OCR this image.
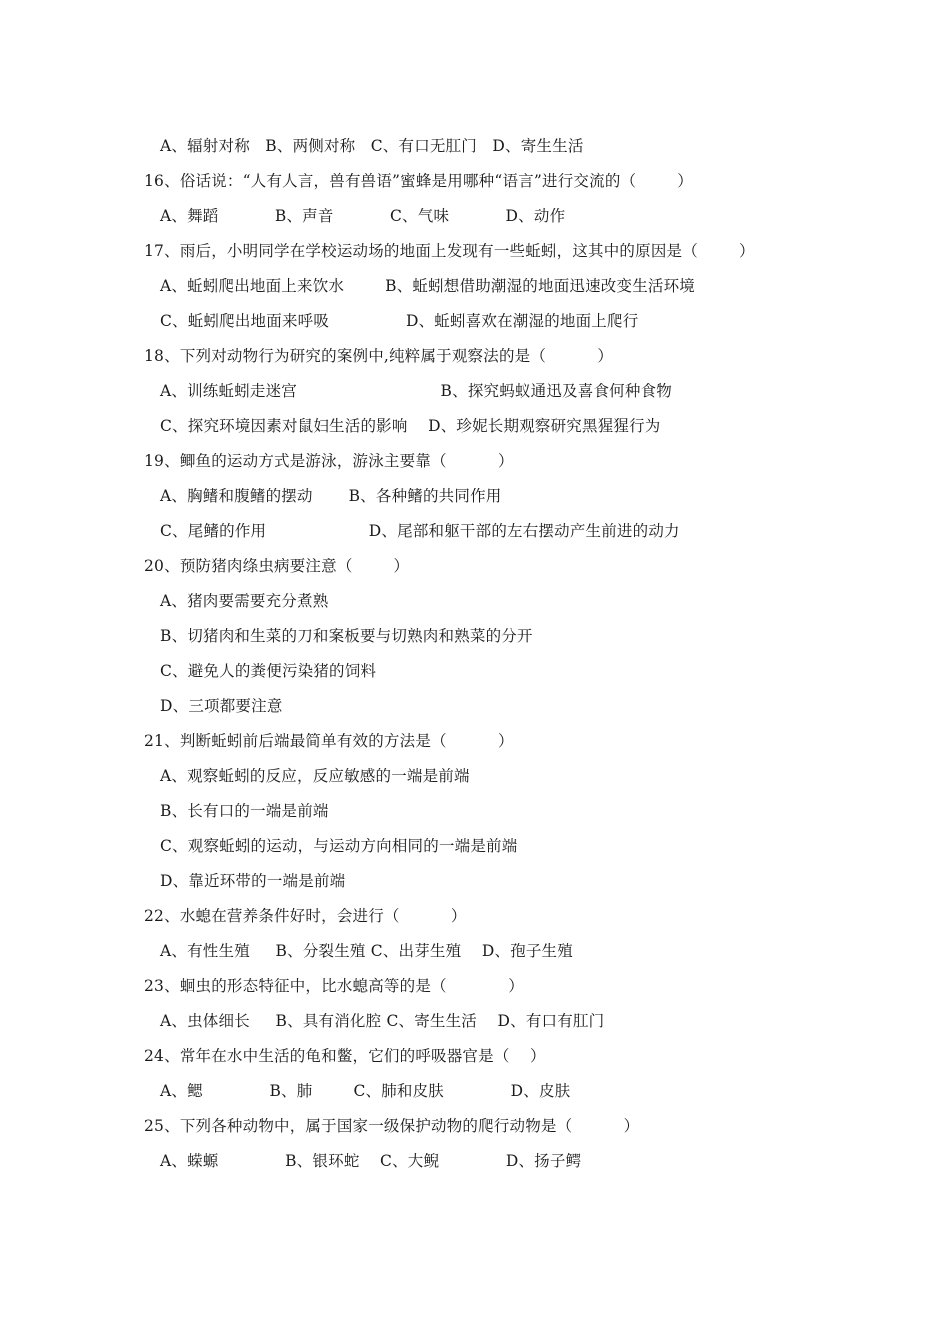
A、辐射对称   B、两侧对称   C、有口无肛门   D、寄生生活
16、俗话说：“人有人言，兽有兽语”蜜蜂是用哪种“语言”进行交流的（        ）
A、舞蹈           B、声音           C、气味           D、动作
17、雨后，小明同学在学校运动场的地面上发现有一些蚯蚓，这其中的原因是（        ）
A、蚯蚓爬出地面上来饮水        B、蚯蚓想借助潮湿的地面迅速改变生活环境
C、蚯蚓爬出地面来呼吸               D、蚯蚓喜欢在潮湿的地面上爬行
18、下列对动物行为研究的案例中,纯粹属于观察法的是（          ）
A、训练蚯蚓走迷宫                            B、探究蚂蚁通迅及喜食何种食物
C、探究环境因素对鼠妇生活的影响    D、珍妮长期观察研究黑猩猩行为
19、鲫鱼的运动方式是游泳，游泳主要靠（          ）
A、胸鳍和腹鳍的摆动       B、各种鳍的共同作用
C、尾鳍的作用                    D、尾部和躯干部的左右摆动产生前进的动力
20、预防猪肉绦虫病要注意（        ）
A、猪肉要需要充分煮熟
B、切猪肉和生菜的刀和案板要与切熟肉和熟菜的分开
C、避免人的粪便污染猪的饲料
D、三项都要注意
21、判断蚯蚓前后端最简单有效的方法是（          ）
A、观察蚯蚓的反应，反应敏感的一端是前端
B、长有口的一端是前端
C、观察蚯蚓的运动，与运动方向相同的一端是前端
D、靠近环带的一端是前端
22、水螅在营养条件好时，会进行（          ）
A、有性生殖     B、分裂生殖 C、出芽生殖    D、孢子生殖
23、蛔虫的形态特征中，比水螅高等的是（            ）
A、虫体细长     B、具有消化腔 C、寄生生活    D、有口有肛门
24、常年在水中生活的龟和鳖，它们的呼吸器官是（    ）
A、鳃             B、肺        C、肺和皮肤             D、皮肤
25、下列各种动物中，属于国家一级保护动物的爬行动物是（          ）
A、蝾螈             B、银环蛇    C、大鲵             D、扬子鳄
